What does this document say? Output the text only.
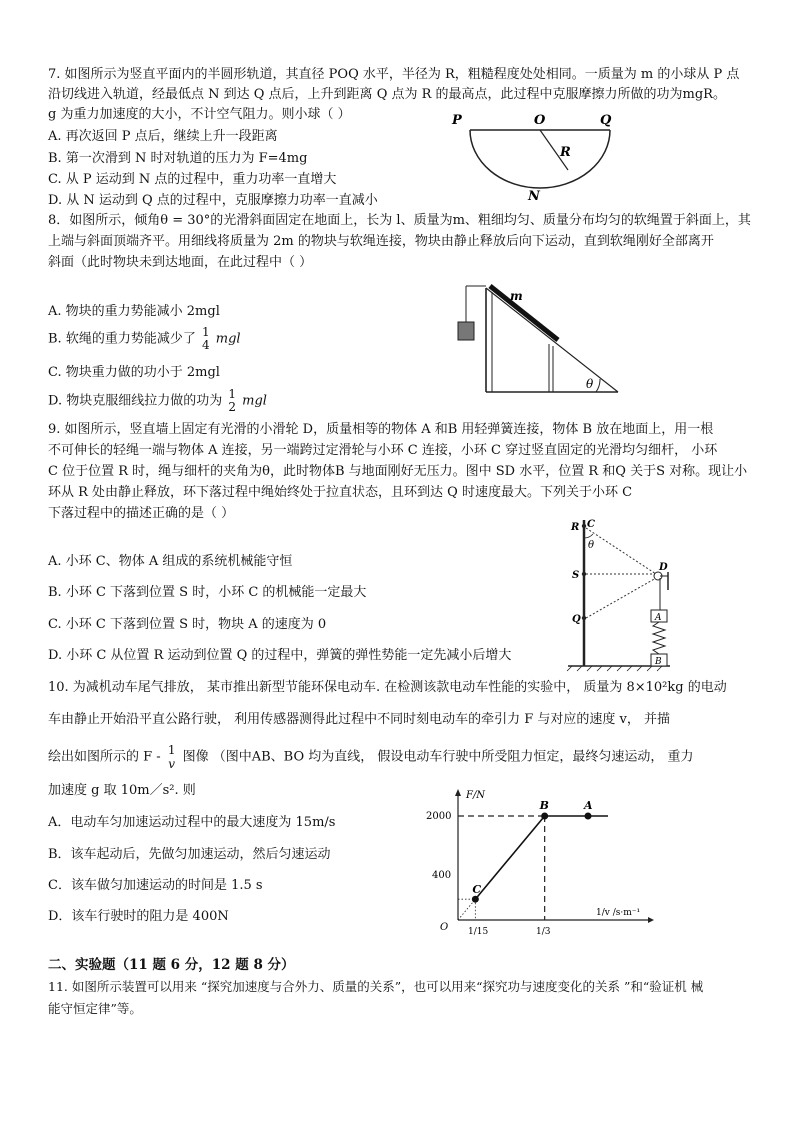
7. 如图所示为竖直平面内的半圆形轨道，其直径 POQ 水平，半径为 R，粗糙程度处处相同。一质量为 m 的小球从 P 点
沿切线进入轨道，经最低点 N 到达 Q 点后，上升到距离 Q 点为 R 的最高点，此过程中克服摩擦力所做的功为mgR。
g 为重力加速度的大小，不计空气阻力。则小球（ ）
A. 再次返回 P 点后，继续上升一段距离
B. 第一次滑到 N 时对轨道的压力为 F=4mg
C. 从 P 运动到 N 点的过程中，重力功率一直增大
D. 从 N 运动到 Q 点的过程中，克服摩擦力功率一直减小
P	O	Q
R
N
8．如图所示，倾角θ = 30°的光滑斜面固定在地面上，长为 l、质量为m、粗细均匀、质量分布均匀的软绳置于斜面上，其
上端与斜面顶端齐平。用细线将质量为 2m 的物块与软绳连接，物块由静止释放后向下运动，直到软绳刚好全部离开
斜面（此时物块未到达地面，在此过程中（ ）
A. 物块的重力势能减小 2mgl
B. 软绳的重力势能减少了 1
4 mgl
C. 物块重力做的功小于 2mgl
D. 物块克服细线拉力做的功为 1
2 mgl
m
θ
9. 如图所示，竖直墙上固定有光滑的小滑轮 D，质量相等的物体 A 和B 用轻弹簧连接，物体 B 放在地面上，用一根
不可伸长的轻绳一端与物体 A 连接，另一端跨过定滑轮与小环 C 连接，小环 C 穿过竖直固定的光滑均匀细杆， 小环
C 位于位置 R 时，绳与细杆的夹角为θ，此时物体B 与地面刚好无压力。图中 SD 水平，位置 R 和Q 关于S 对称。现让小
环从 R 处由静止释放，环下落过程中绳始终处于拉直状态，且环到达 Q 时速度最大。下列关于小环 C
下落过程中的描述正确的是（ ）
A. 小环 C、物体 A 组成的系统机械能守恒
B. 小环 C 下落到位置 S 时，小环 C 的机械能一定最大
C. 小环 C 下落到位置 S 时，物块 A 的速度为 0
D. 小环 C 从位置 R 运动到位置 Q 的过程中，弹簧的弹性势能一定先减小后增大
R C
θ
S
D
Q	A
B
10. 为减机动车尾气排放， 某市推出新型节能环保电动车. 在检测该款电动车性能的实验中， 质量为 8×10²kg 的电动
车由静止开始沿平直公路行驶， 利用传感器测得此过程中不同时刻电动车的牵引力 F 与对应的速度 v， 并描
绘出如图所示的 F - 1
v 图像 （图中AB、BO 均为直线， 假设电动车行驶中所受阻力恒定，最终匀速运动， 重力
加速度 g 取 10m／s². 则
A．电动车匀加速运动过程中的最大速度为 15m/s
B．该车起动后，先做匀加速运动，然后匀速运动
C．该车做匀加速运动的时间是 1.5 s
D．该车行驶时的阻力是 400N
F/N
1/v /s·m⁻¹
O
400
2000
1/15	1/3
C
B	A
二、实验题（11 题 6 分，12 题 8 分）
11. 如图所示装置可以用来 “探究加速度与合外力、质量的关系”，也可以用来“探究功与速度变化的关系 ”和“验证机 械
能守恒定律”等。
